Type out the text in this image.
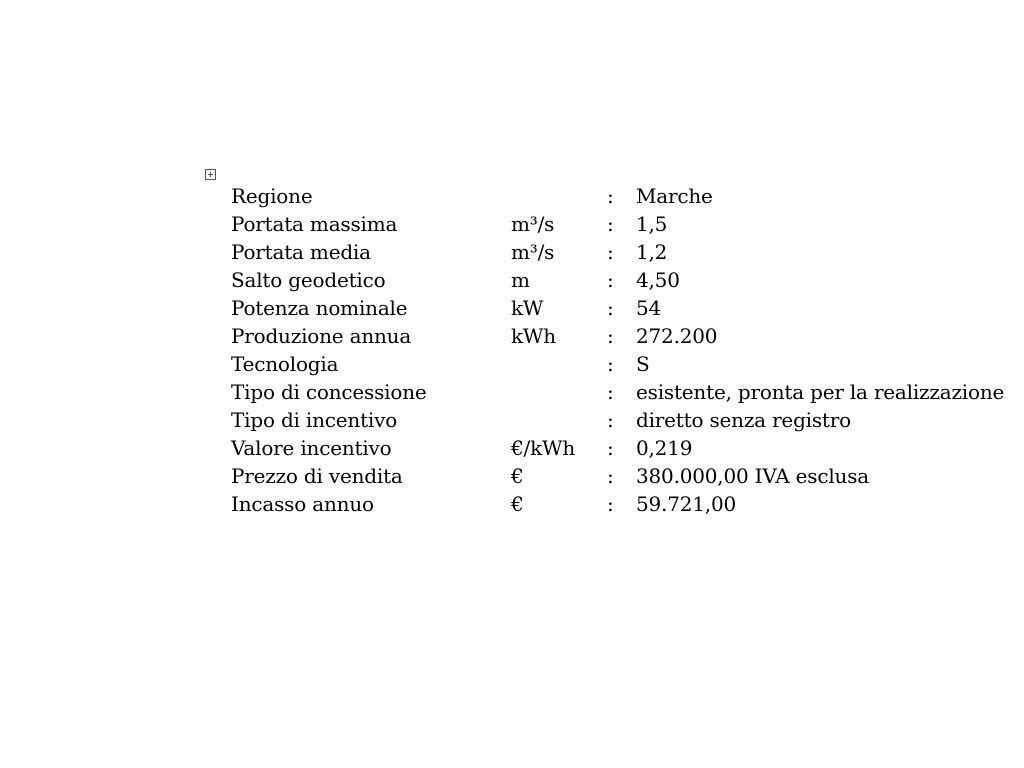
Regione		:	Marche
Portata massima	m³/s	:	1,5
Portata media	m³/s	:	1,2
Salto geodetico	m	:	4,50
Potenza nominale	kW	:	54
Produzione annua	kWh	:	272.200
Tecnologia		:	S
Tipo di concessione		:	esistente, pronta per la realizzazione
Tipo di incentivo		:	diretto senza registro
Valore incentivo	€/kWh	:	0,219
Prezzo di vendita	€	:	380.000,00 IVA esclusa
Incasso annuo	€	:	59.721,00
